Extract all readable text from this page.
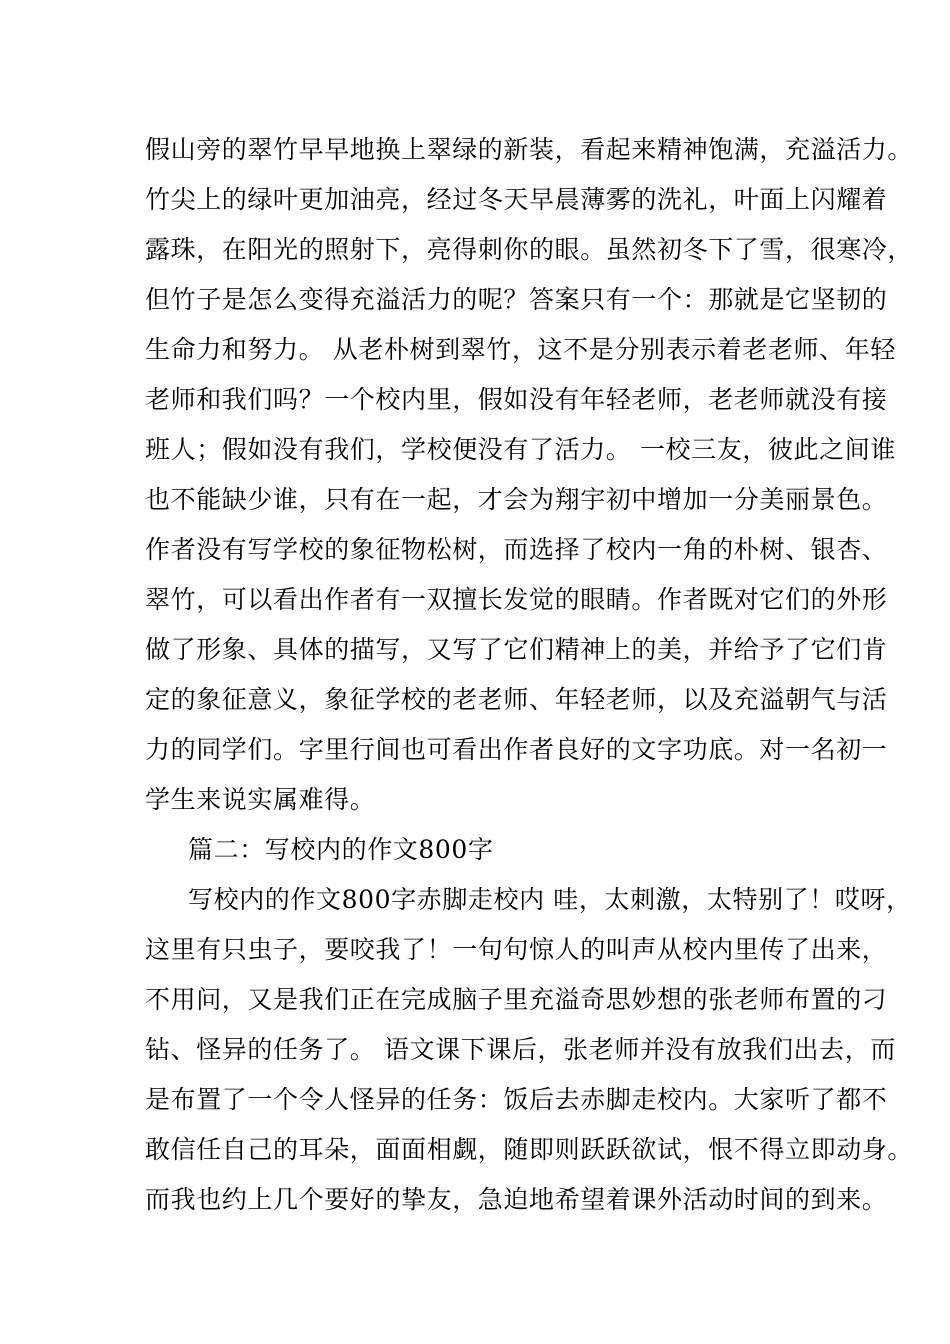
假山旁的翠竹早早地换上翠绿的新装，看起来精神饱满，充溢活力。
竹尖上的绿叶更加油亮，经过冬天早晨薄雾的洗礼，叶面上闪耀着
露珠，在阳光的照射下，亮得刺你的眼。虽然初冬下了雪，很寒冷，
但竹子是怎么变得充溢活力的呢？答案只有一个：那就是它坚韧的
生命力和努力。 从老朴树到翠竹，这不是分别表示着老老师、年轻
老师和我们吗？一个校内里，假如没有年轻老师，老老师就没有接
班人；假如没有我们，学校便没有了活力。 一校三友，彼此之间谁
也不能缺少谁，只有在一起，才会为翔宇初中增加一分美丽景色。
作者没有写学校的象征物松树，而选择了校内一角的朴树、银杏、
翠竹，可以看出作者有一双擅长发觉的眼睛。作者既对它们的外形
做了形象、具体的描写，又写了它们精神上的美，并给予了它们肯
定的象征意义，象征学校的老老师、年轻老师，以及充溢朝气与活
力的同学们。字里行间也可看出作者良好的文字功底。对一名初一
学生来说实属难得。
篇二：写校内的作文800字
写校内的作文800字赤脚走校内 哇，太刺激，太特别了！哎呀，
这里有只虫子，要咬我了！一句句惊人的叫声从校内里传了出来，
不用问，又是我们正在完成脑子里充溢奇思妙想的张老师布置的刁
钻、怪异的任务了。 语文课下课后，张老师并没有放我们出去，而
是布置了一个令人怪异的任务：饭后去赤脚走校内。大家听了都不
敢信任自己的耳朵，面面相觑，随即则跃跃欲试，恨不得立即动身。
而我也约上几个要好的挚友，急迫地希望着课外活动时间的到来。
